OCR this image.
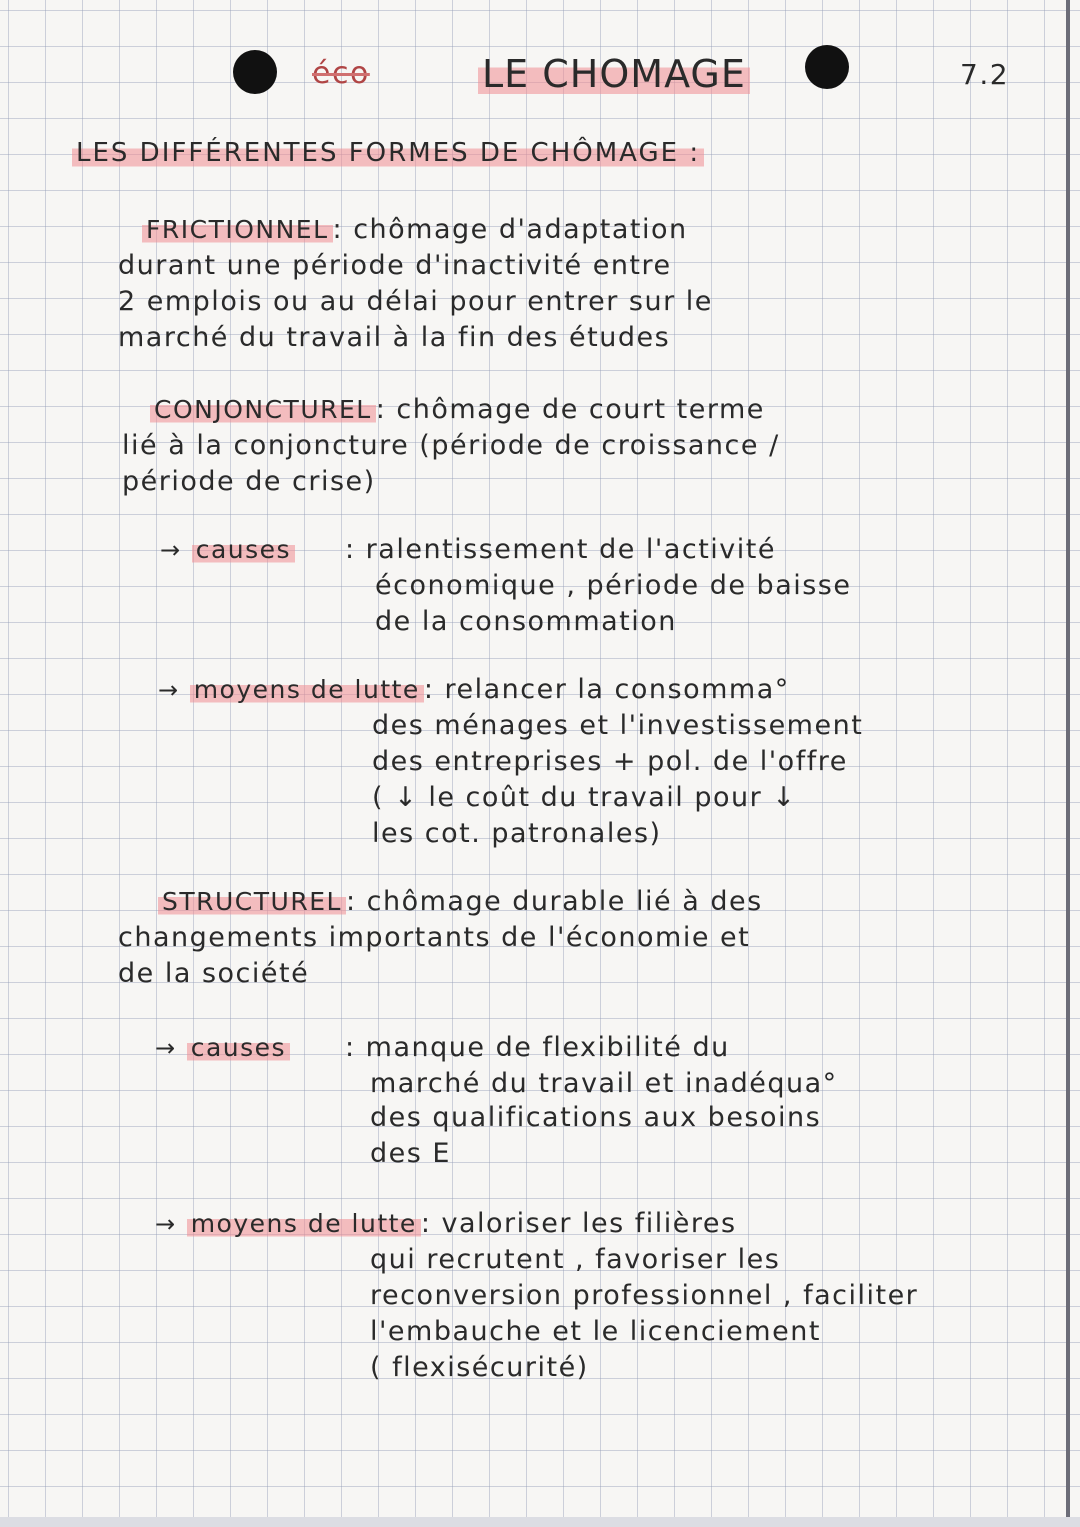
éco	LE CHOMAGE	7.2
LES DIFFÉRENTES FORMES DE CHÔMAGE :
FRICTIONNEL : chômage d'adaptation
durant une période d'inactivité entre
2 emplois ou au délai pour entrer sur le
marché du travail à la fin des études
CONJONCTUREL : chômage de court terme
lié à la conjoncture (période de croissance /
période de crise)
→ causes : ralentissement de l'activité
économique , période de baisse
de la consommation
→ moyens de lutte : relancer la consomma°
des ménages et l'investissement
des entreprises + pol. de l'offre
( ↓ le coût du travail pour ↓
les cot. patronales)
STRUCTUREL : chômage durable lié à des
changements importants de l'économie et
de la société
→ causes : manque de flexibilité du
marché du travail et inadéqua°
des qualifications aux besoins
des E
→ moyens de lutte : valoriser les filières
qui recrutent , favoriser les
reconversion professionnel , faciliter
l'embauche et le licenciement
( flexisécurité)
